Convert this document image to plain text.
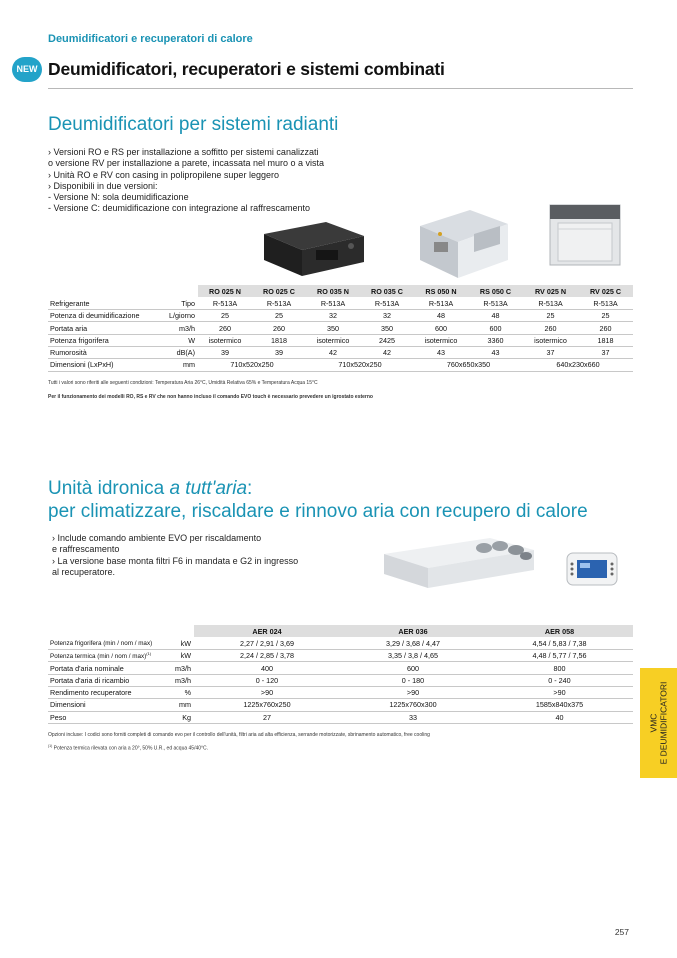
Deumidificatori e recuperatori di calore
NEW Deumidificatori, recuperatori e sistemi combinati
Deumidificatori per sistemi radianti
› Versioni RO e RS per installazione a soffitto per sistemi canalizzati
o versione RV per installazione a parete, incassata nel muro o a vista
› Unità RO e RV con casing in polipropilene super leggero
› Disponibili in due versioni:
- Versione N: sola deumidificazione
- Versione C: deumidificazione con integrazione al raffrescamento
		RO 025 N	RO 025 C	RO 035 N	RO 035 C	RS 050 N	RS 050 C	RV 025 N	RV 025 C
Refrigerante	Tipo	R-513A	R-513A	R-513A	R-513A	R-513A	R-513A	R-513A	R-513A
Potenza di deumidificazione	L/giorno	25	25	32	32	48	48	25	25
Portata aria	m3/h	260	260	350	350	600	600	260	260
Potenza frigorifera	W	isotermico	1818	isotermico	2425	isotermico	3360	isotermico	1818
Rumorosità	dB(A)	39	39	42	42	43	43	37	37
Dimensioni (LxPxH)	mm	710x520x250		710x520x250		760x650x350		640x230x660	
Tutti i valori sono riferiti alle seguenti condizioni: Temperatura Aria 26°C, Umidità Relativa 65% e Temperatura Acqua 15°C
Per il funzionamento dei modelli RO, RS e RV che non hanno incluso il comando EVO touch è necessario prevedere un igrostato esterno
Unità idronica a tutt'aria:
per climatizzare, riscaldare e rinnovo aria con recupero di calore
› Include comando ambiente EVO per riscaldamento
e raffrescamento
› La versione base monta filtri F6 in mandata e G2 in ingresso
al recuperatore.
		AER 024	AER 036	AER 058
Potenza frigorifera (min / nom / max)	kW	2,27 / 2,91 / 3,69	3,29 / 3,68 / 4,47	4,54 / 5,83 / 7,38
Potenza termica (min / nom / max)$^{(1)}$	kW	2,24 / 2,85 / 3,78	3,35 / 3,8 / 4,65	4,48 / 5,77 / 7,56
Portata d'aria nominale	m3/h	400	600	800
Portata d'aria di ricambio	m3/h	0 - 120	0 - 180	0 - 240
Rendimento recuperatore	%	>90	>90	>90
Dimensioni	mm	1225x760x250	1225x760x300	1585x840x375
Peso	Kg	27	33	40
Opzioni incluse: I codici sono forniti completi di comando evo per il controllo dell'unità, filtri aria ad alta efficienza, serrande motorizzate, sbrinamento automatico, free cooling
$^{(1)}$ Potenza termica rilevata con aria a 20°, 50% U.R., ed acqua 45/40°C.
VMC E DEUMIDIFICATORI
257
